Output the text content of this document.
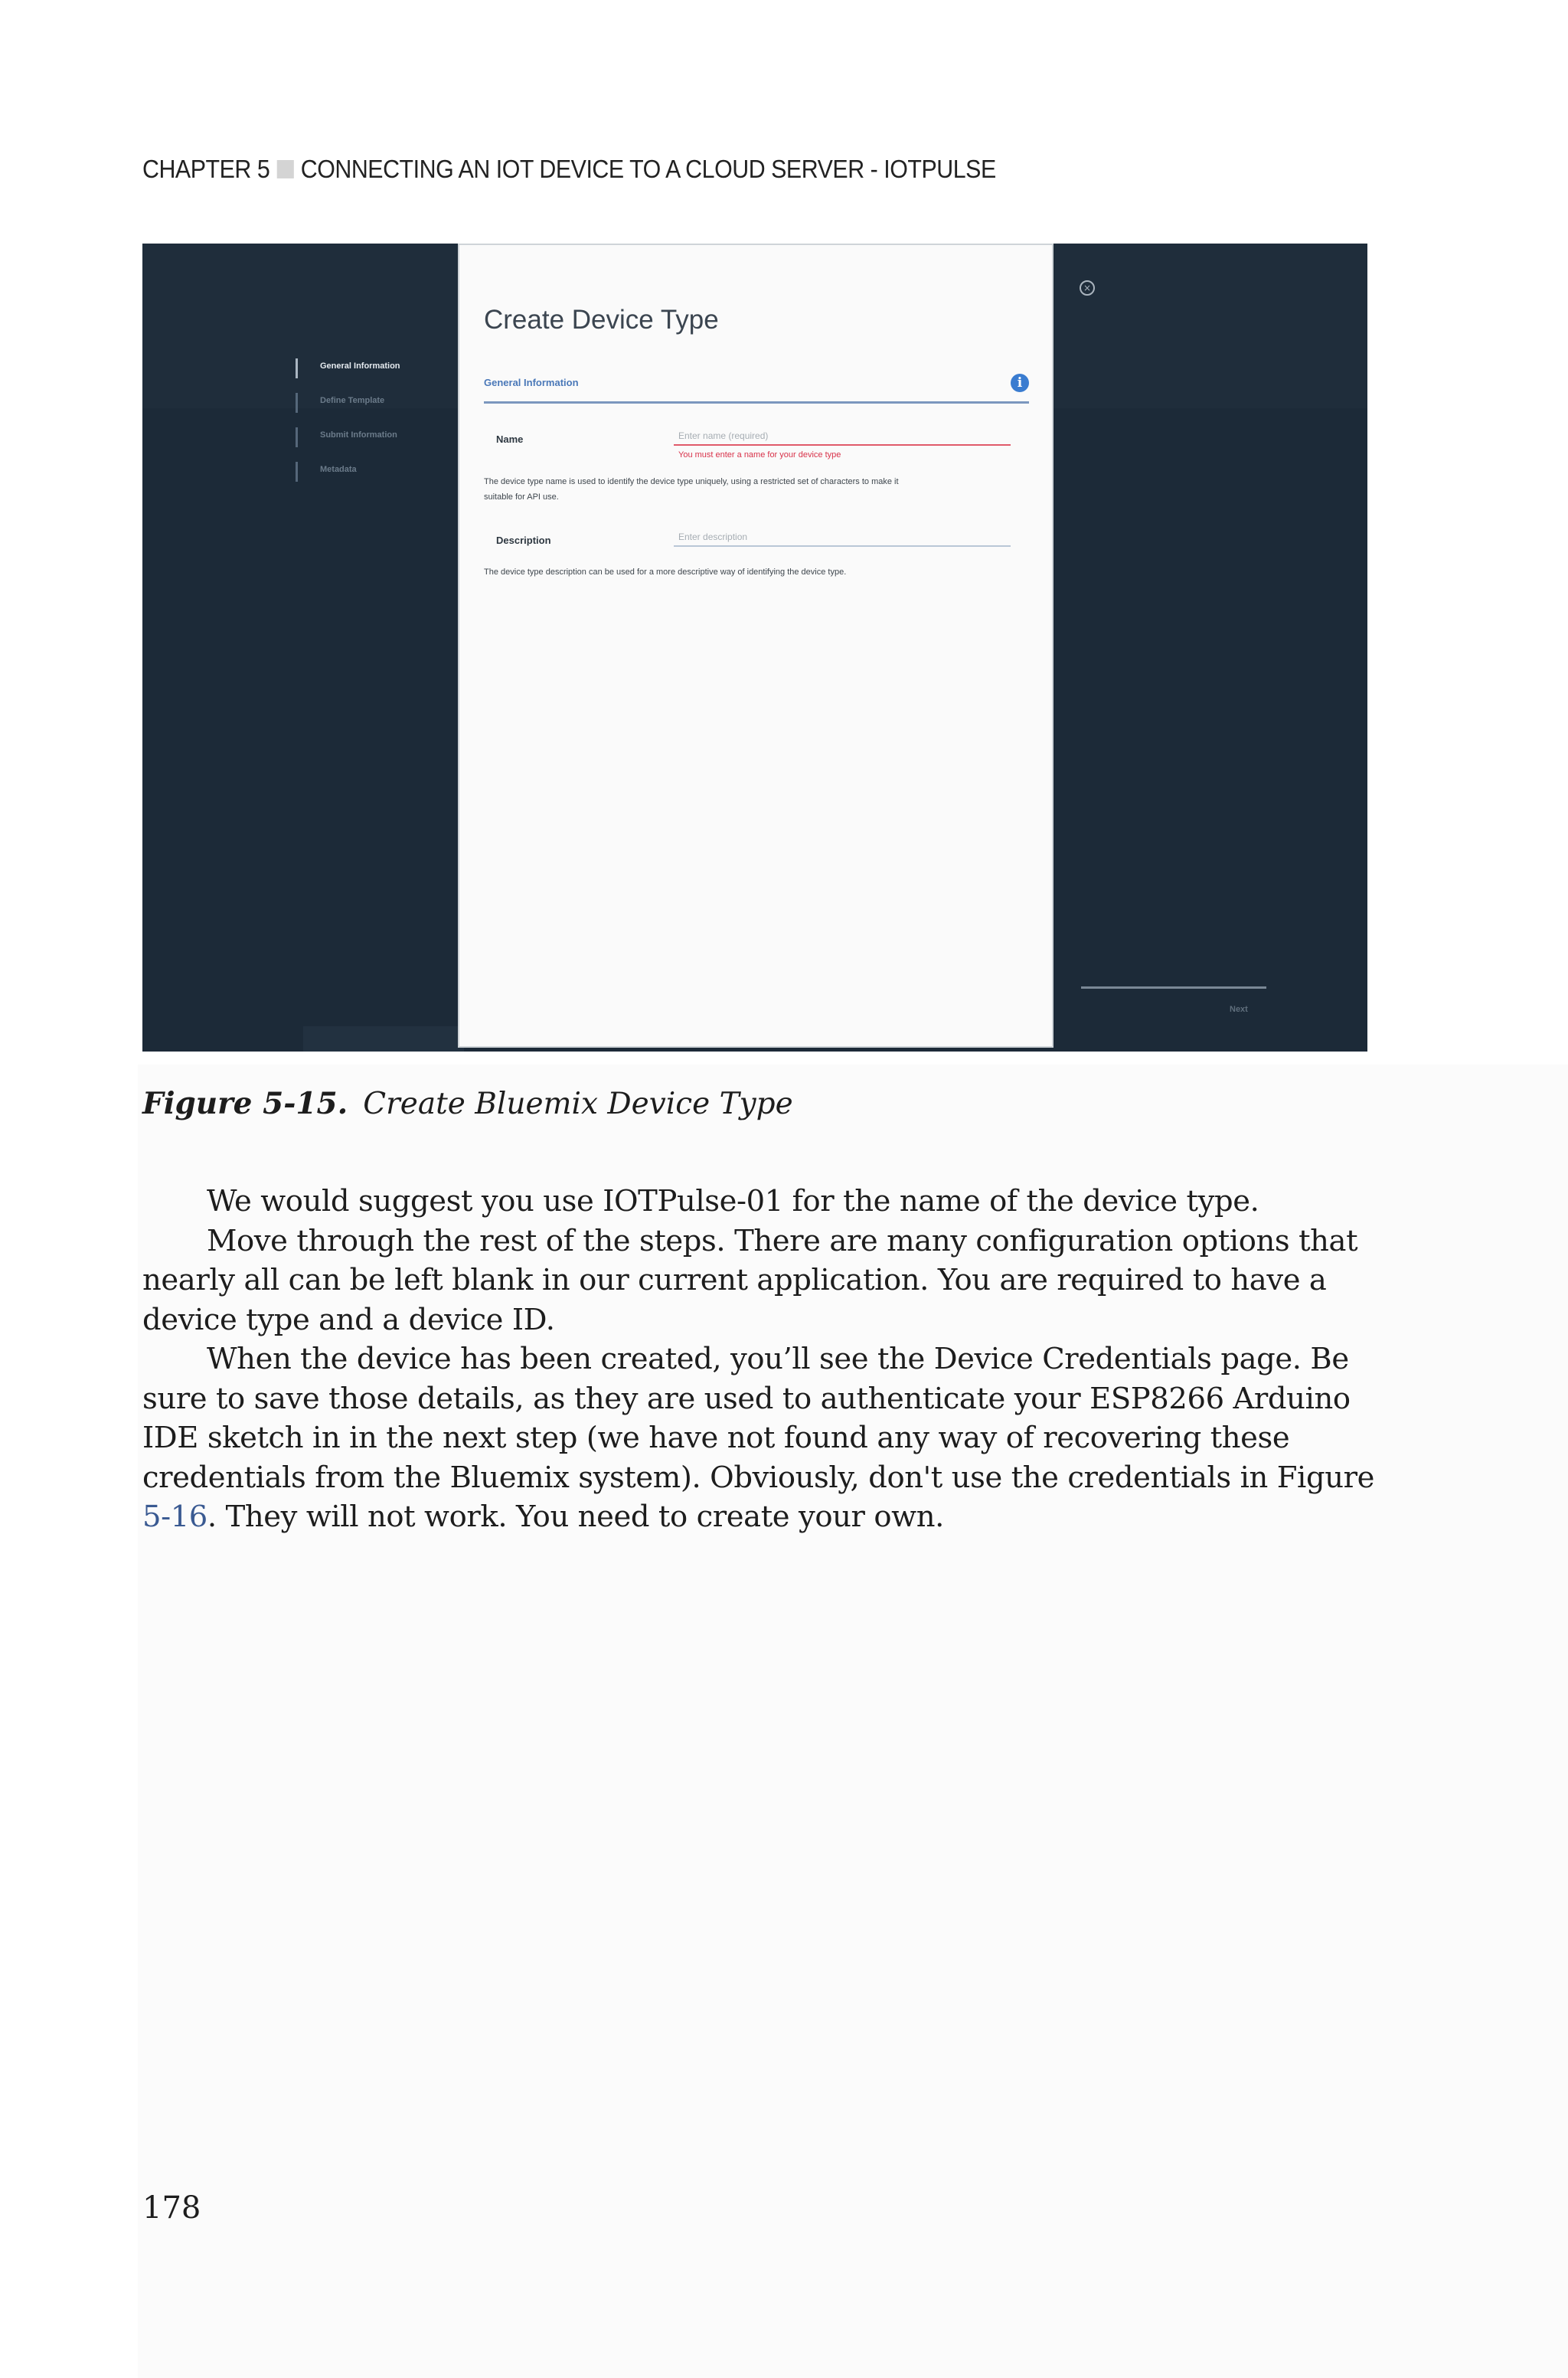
CHAPTER 5 CONNECTING AN IOT DEVICE TO A CLOUD SERVER - IOTPULSE
General Information
Define Template
Submit Information
Metadata
×
Next
Create Device Type
General Information	i
Name
Enter name (required)
You must enter a name for your device type
The device type name is used to identify the device type uniquely, using a restricted set of characters to make it
suitable for API use.
Description
Enter description
The device type description can be used for a more descriptive way of identifying the device type.
Figure 5-15. Create Bluemix Device Type

We would suggest you use IOTPulse-01 for the name of the device type.

Move through the rest of the steps. There are many configuration options that nearly all can be left blank in our current application. You are required to have a device type and a device ID.

When the device has been created, you’ll see the Device Credentials page. Be sure to save those details, as they are used to authenticate your ESP8266 Arduino IDE sketch in in the next step (we have not found any way of recovering these credentials from the Bluemix system). Obviously, don't use the credentials in Figure 5-16. They will not work. You need to create your own.

178
